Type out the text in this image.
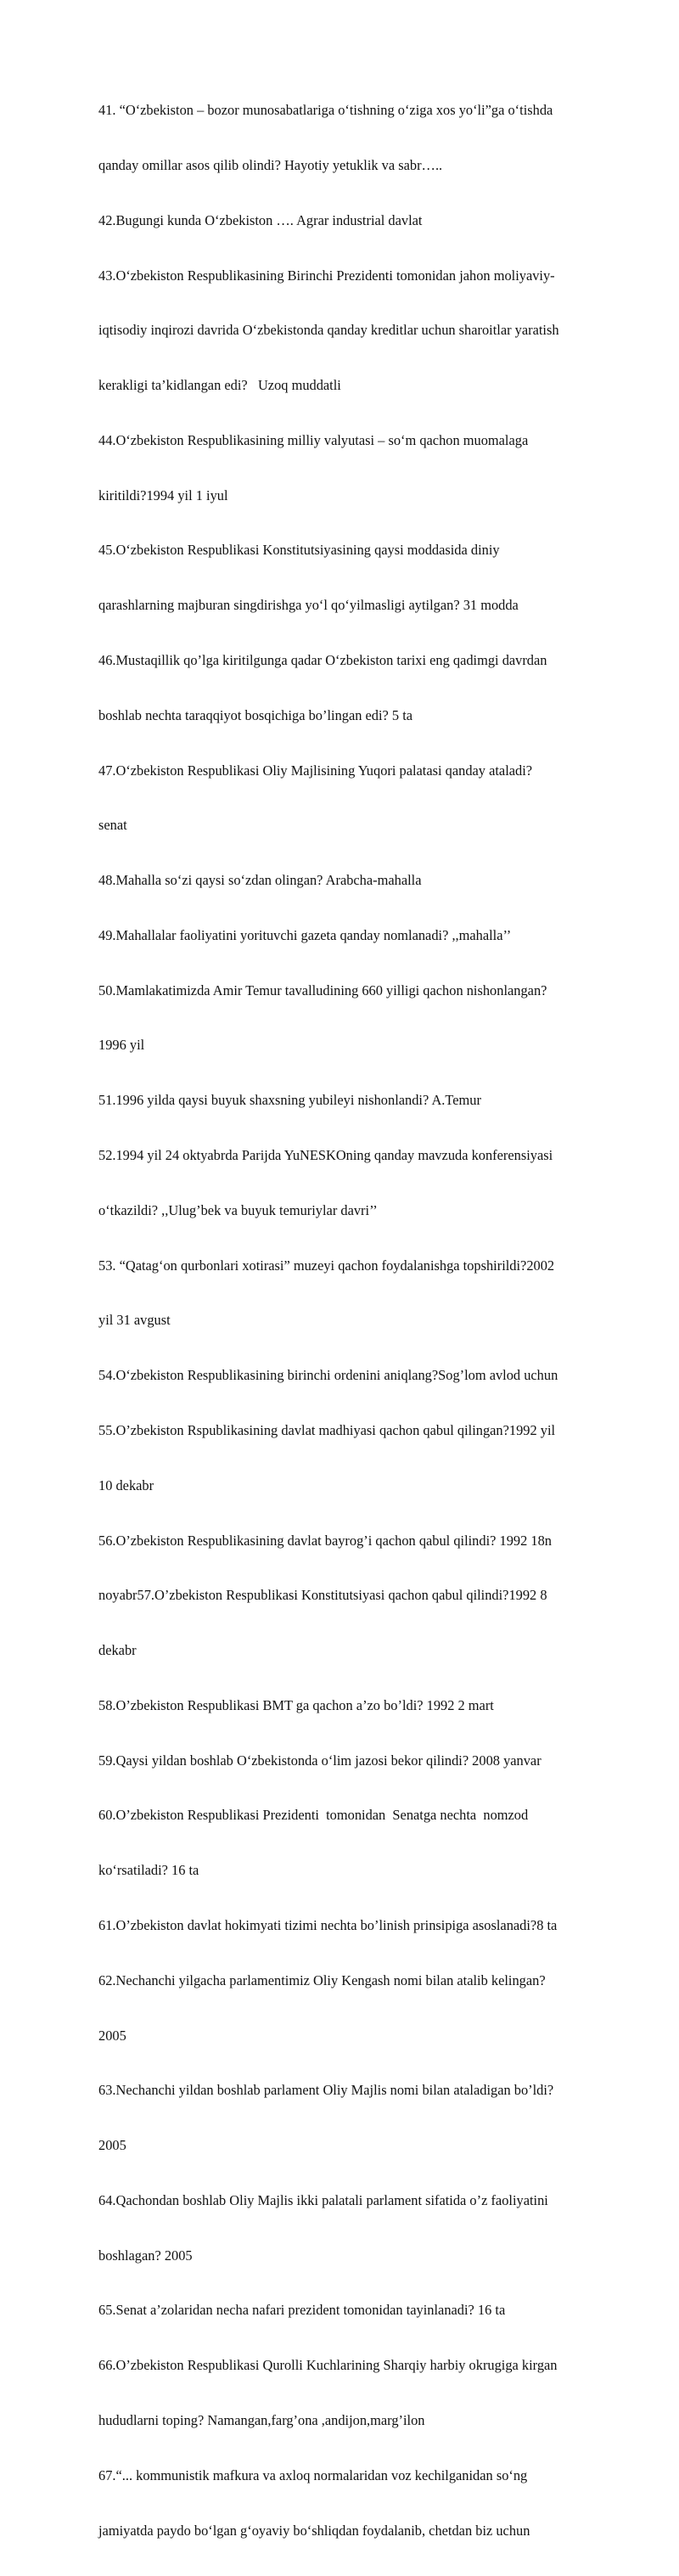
41. “O‘zbekiston – bozor munosabatlariga o‘tishning o‘ziga xos yo‘li”ga o‘tishda

qanday omillar asos qilib olindi? Hayotiy yetuklik va sabr…..

42.Bugungi kunda O‘zbekiston …. Agrar industrial davlat

43.O‘zbekiston Respublikasining Birinchi Prezidenti tomonidan jahon moliyaviy-

iqtisodiy inqirozi davrida O‘zbekistonda qanday kreditlar uchun sharoitlar yaratish

kerakligi ta’kidlangan edi?   Uzoq muddatli

44.O‘zbekiston Respublikasining milliy valyutasi – so‘m qachon muomalaga

kiritildi?1994 yil 1 iyul

45.O‘zbekiston Respublikasi Konstitutsiyasining qaysi moddasida diniy

qarashlarning majburan singdirishga yo‘l qo‘yilmasligi aytilgan? 31 modda

46.Mustaqillik qo’lga kiritilgunga qadar O‘zbekiston tarixi eng qadimgi davrdan

boshlab nechta taraqqiyot bosqichiga bo’lingan edi? 5 ta

47.O‘zbekiston Respublikasi Oliy Majlisining Yuqori palatasi qanday ataladi?

senat

48.Mahalla so‘zi qaysi so‘zdan olingan? Arabcha-mahalla

49.Mahallalar faoliyatini yorituvchi gazeta qanday nomlanadi? ,,mahalla’’

50.Mamlakatimizda Amir Temur tavalludining 660 yilligi qachon nishonlangan?

1996 yil

51.1996 yilda qaysi buyuk shaxsning yubileyi nishonlandi? A.Temur

52.1994 yil 24 oktyabrda Parijda YuNESKOning qanday mavzuda konferensiyasi

o‘tkazildi? ,,Ulug’bek va buyuk temuriylar davri’’

53. “Qatag‘on qurbonlari xotirasi” muzeyi qachon foydalanishga topshirildi?2002

yil 31 avgust

54.O‘zbekiston Respublikasining birinchi ordenini aniqlang?Sog’lom avlod uchun

55.O’zbekiston Rspublikasining davlat madhiyasi qachon qabul qilingan?1992 yil

10 dekabr

56.O’zbekiston Respublikasining davlat bayrog’i qachon qabul qilindi? 1992 18n

noyabr57.O’zbekiston Respublikasi Konstitutsiyasi qachon qabul qilindi?1992 8

dekabr

58.O’zbekiston Respublikasi BMT ga qachon a’zo bo’ldi? 1992 2 mart

59.Qaysi yildan boshlab O‘zbekistonda o‘lim jazosi bekor qilindi? 2008 yanvar

60.O’zbekiston Respublikasi Prezidenti  tomonidan  Senatga nechta  nomzod

ko‘rsatiladi? 16 ta

61.O’zbekiston davlat hokimyati tizimi nechta bo’linish prinsipiga asoslanadi?8 ta

62.Nechanchi yilgacha parlamentimiz Oliy Kengash nomi bilan atalib kelingan?

2005

63.Nechanchi yildan boshlab parlament Oliy Majlis nomi bilan ataladigan bo’ldi?

2005

64.Qachondan boshlab Oliy Majlis ikki palatali parlament sifatida o’z faoliyatini

boshlagan? 2005

65.Senat a’zolaridan necha nafari prezident tomonidan tayinlanadi? 16 ta

66.O’zbekiston Respublikasi Qurolli Kuchlarining Sharqiy harbiy okrugiga kirgan

hududlarni toping? Namangan,farg’ona ,andijon,marg’ilon

67.“... kommunistik mafkura va axloq normalaridan voz kechilganidan so‘ng

jamiyatda paydo bo‘lgan g‘oyaviy bo‘shliqdan foydalanib, chetdan biz uchun
